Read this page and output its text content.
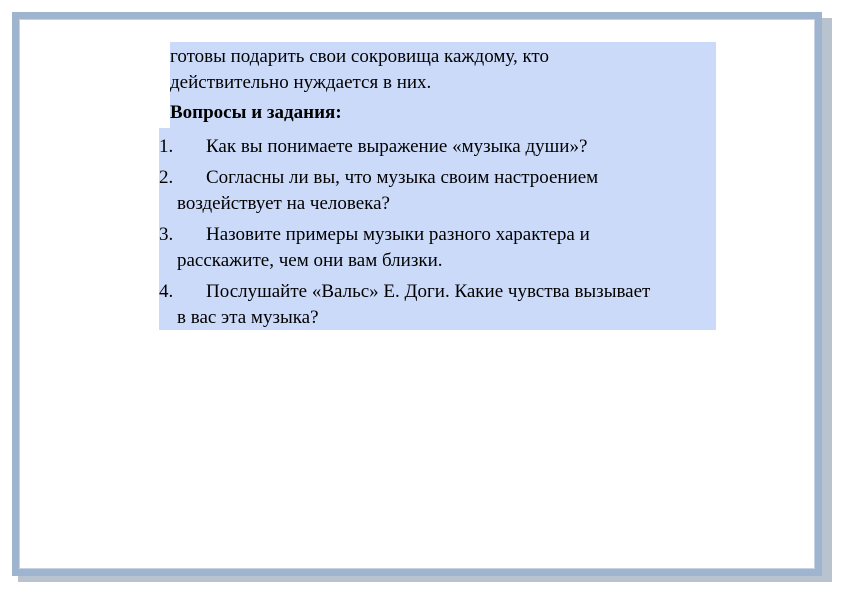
готовы подарить свои сокровища каждому, кто
действительно нуждается в них.
Вопросы и задания:
1. Как вы понимаете выражение «музыка души»?
2. Согласны ли вы, что музыка своим настроением
воздействует на человека?
3. Назовите примеры музыки разного характера и
расскажите, чем они вам близки.
4. Послушайте «Вальс» Е. Доги. Какие чувства вызывает
в вас эта музыка?
